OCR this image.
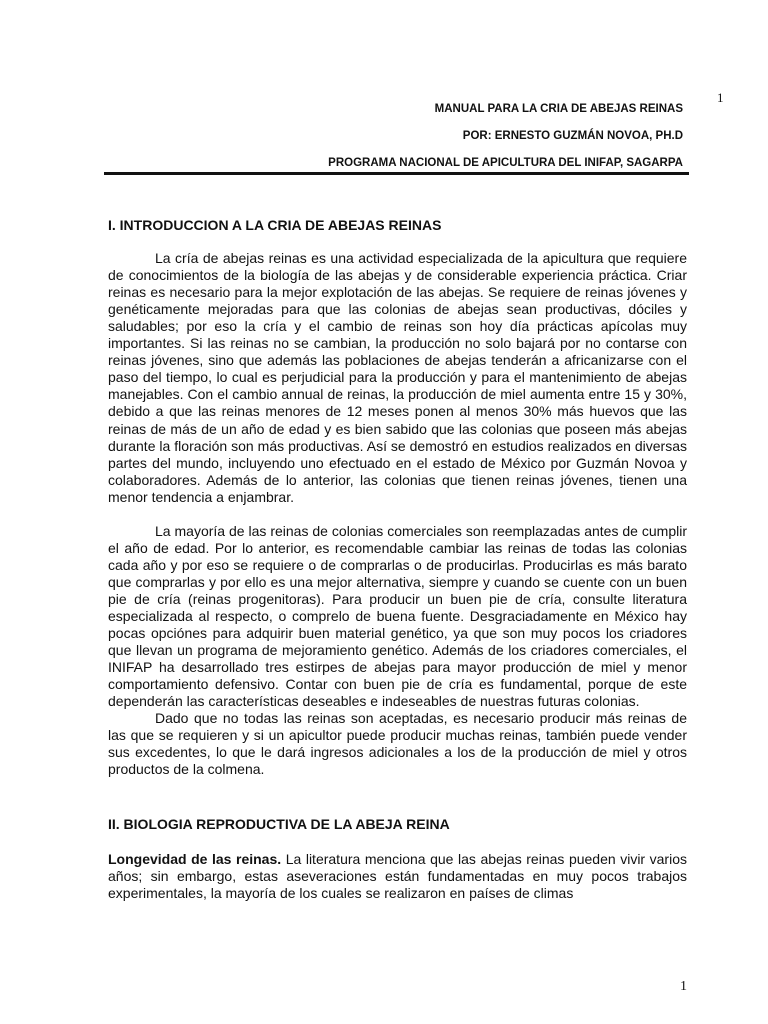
1
MANUAL PARA LA CRIA DE ABEJAS REINAS
POR: ERNESTO GUZMÁN NOVOA, PH.D
PROGRAMA NACIONAL DE APICULTURA DEL INIFAP, SAGARPA
I. INTRODUCCION A LA CRIA DE ABEJAS REINAS

La cría de abejas reinas es una actividad especializada de la apicultura que requiere de conocimientos de la biología de las abejas y de considerable experiencia práctica. Criar reinas es necesario para la mejor explotación de las abejas. Se requiere de reinas jóvenes y genéticamente mejoradas para que las colonias de abejas sean productivas, dóciles y saludables; por eso la cría y el cambio de reinas son hoy día prácticas apícolas muy importantes. Si las reinas no se cambian, la producción no solo bajará por no contarse con reinas jóvenes, sino que además las poblaciones de abejas tenderán a africanizarse con el paso del tiempo, lo cual es perjudicial para la producción y para el mantenimiento de abejas manejables. Con el cambio annual de reinas, la producción de miel aumenta entre 15 y 30%, debido a que las reinas menores de 12 meses ponen al menos 30% más huevos que las reinas de más de un año de edad y es bien sabido que las colonias que poseen más abejas durante la floración son más productivas. Así se demostró en estudios realizados en diversas partes del mundo, incluyendo uno efectuado en el estado de México por Guzmán Novoa y colaboradores. Además de lo anterior, las colonias que tienen reinas jóvenes, tienen una menor tendencia a enjambrar.

La mayoría de las reinas de colonias comerciales son reemplazadas antes de cumplir el año de edad. Por lo anterior, es recomendable cambiar las reinas de todas las colonias cada año y por eso se requiere o de comprarlas o de producirlas. Producirlas es más barato que comprarlas y por ello es una mejor alternativa, siempre y cuando se cuente con un buen pie de cría (reinas progenitoras). Para producir un buen pie de cría, consulte literatura especializada al respecto, o comprelo de buena fuente. Desgraciadamente en México hay pocas opciónes para adquirir buen material genético, ya que son muy pocos los criadores que llevan un programa de mejoramiento genético. Además de los criadores comerciales, el INIFAP ha desarrollado tres estirpes de abejas para mayor producción de miel y menor comportamiento defensivo. Contar con buen pie de cría es fundamental, porque de este dependerán las características deseables e indeseables de nuestras futuras colonias.

Dado que no todas las reinas son aceptadas, es necesario producir más reinas de las que se requieren y si un apicultor puede producir muchas reinas, también puede vender sus excedentes, lo que le dará ingresos adicionales a los de la producción de miel y otros productos de la colmena.

II. BIOLOGIA REPRODUCTIVA DE LA ABEJA REINA

Longevidad de las reinas. La literatura menciona que las abejas reinas pueden vivir varios años; sin embargo, estas aseveraciones están fundamentadas en muy pocos trabajos experimentales, la mayoría de los cuales se realizaron en países de climas

1
